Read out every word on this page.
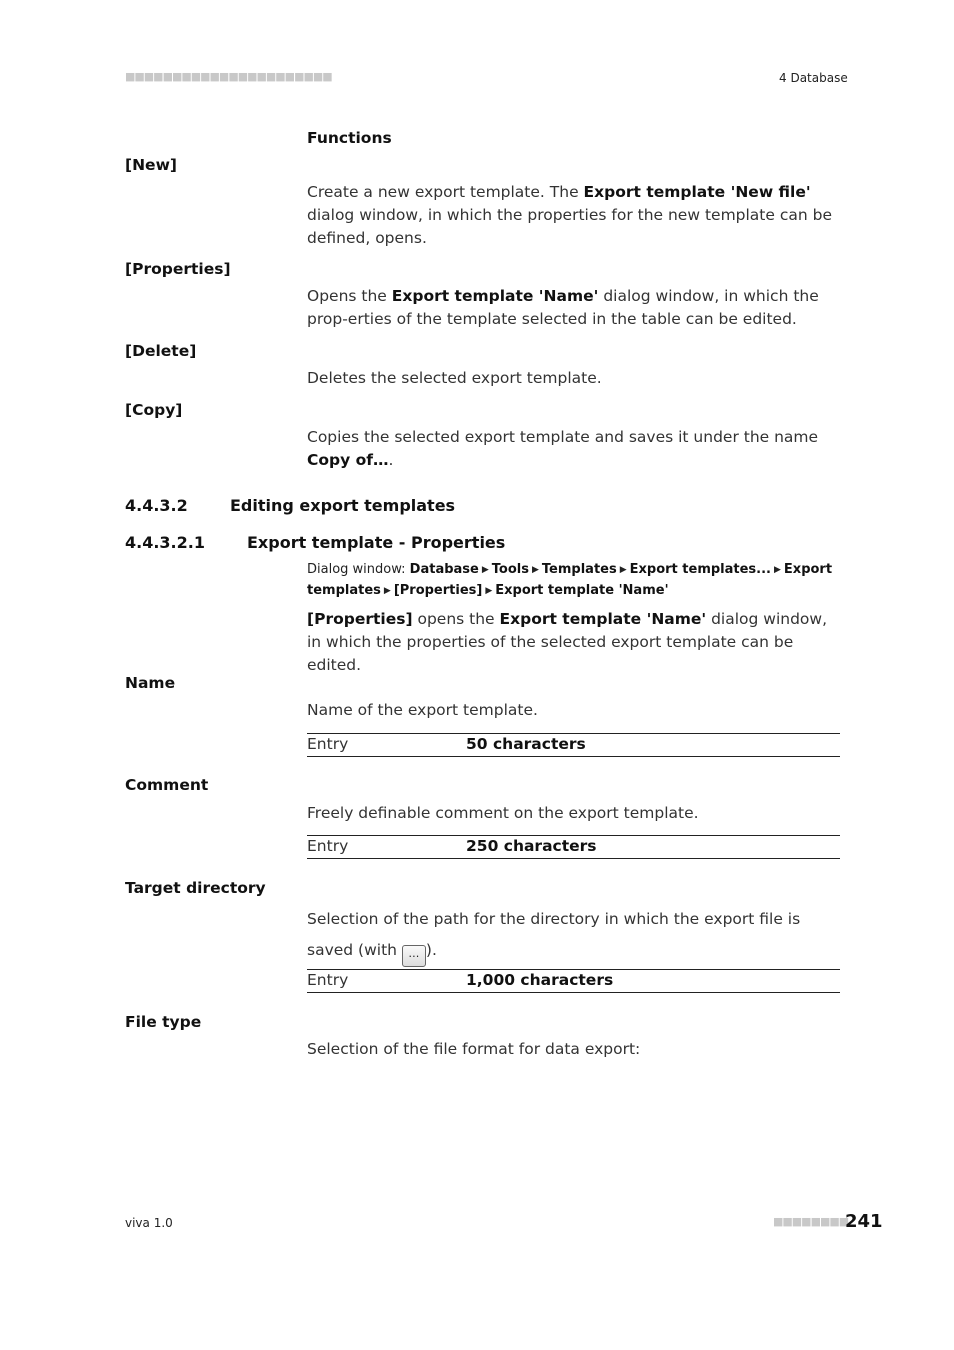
■■■■■■■■■■■■■■■■■■■■■■	4 Database
Functions
[New]
Create a new export template. The Export template 'New file' dialog window, in which the properties for the new template can be defined, opens.
[Properties]
Opens the Export template 'Name' dialog window, in which the prop-erties of the template selected in the table can be edited.
[Delete]
Deletes the selected export template.
[Copy]
Copies the selected export template and saves it under the name Copy of….
4.4.3.2	Editing export templates
4.4.3.2.1	Export template - Properties
Dialog window: Database ▶ Tools ▶ Templates ▶ Export templates... ▶ Export templates ▶ [Properties] ▶ Export template 'Name'
[Properties] opens the Export template 'Name' dialog window, in which the properties of the selected export template can be edited.
Name
Name of the export template.
Entry	50 characters
Comment
Freely definable comment on the export template.
Entry	250 characters
Target directory
Selection of the path for the directory in which the export file is saved (with … ).
Entry	1,000 characters
File type
Selection of the file format for data export:
viva 1.0	■■■■■■■■
241
